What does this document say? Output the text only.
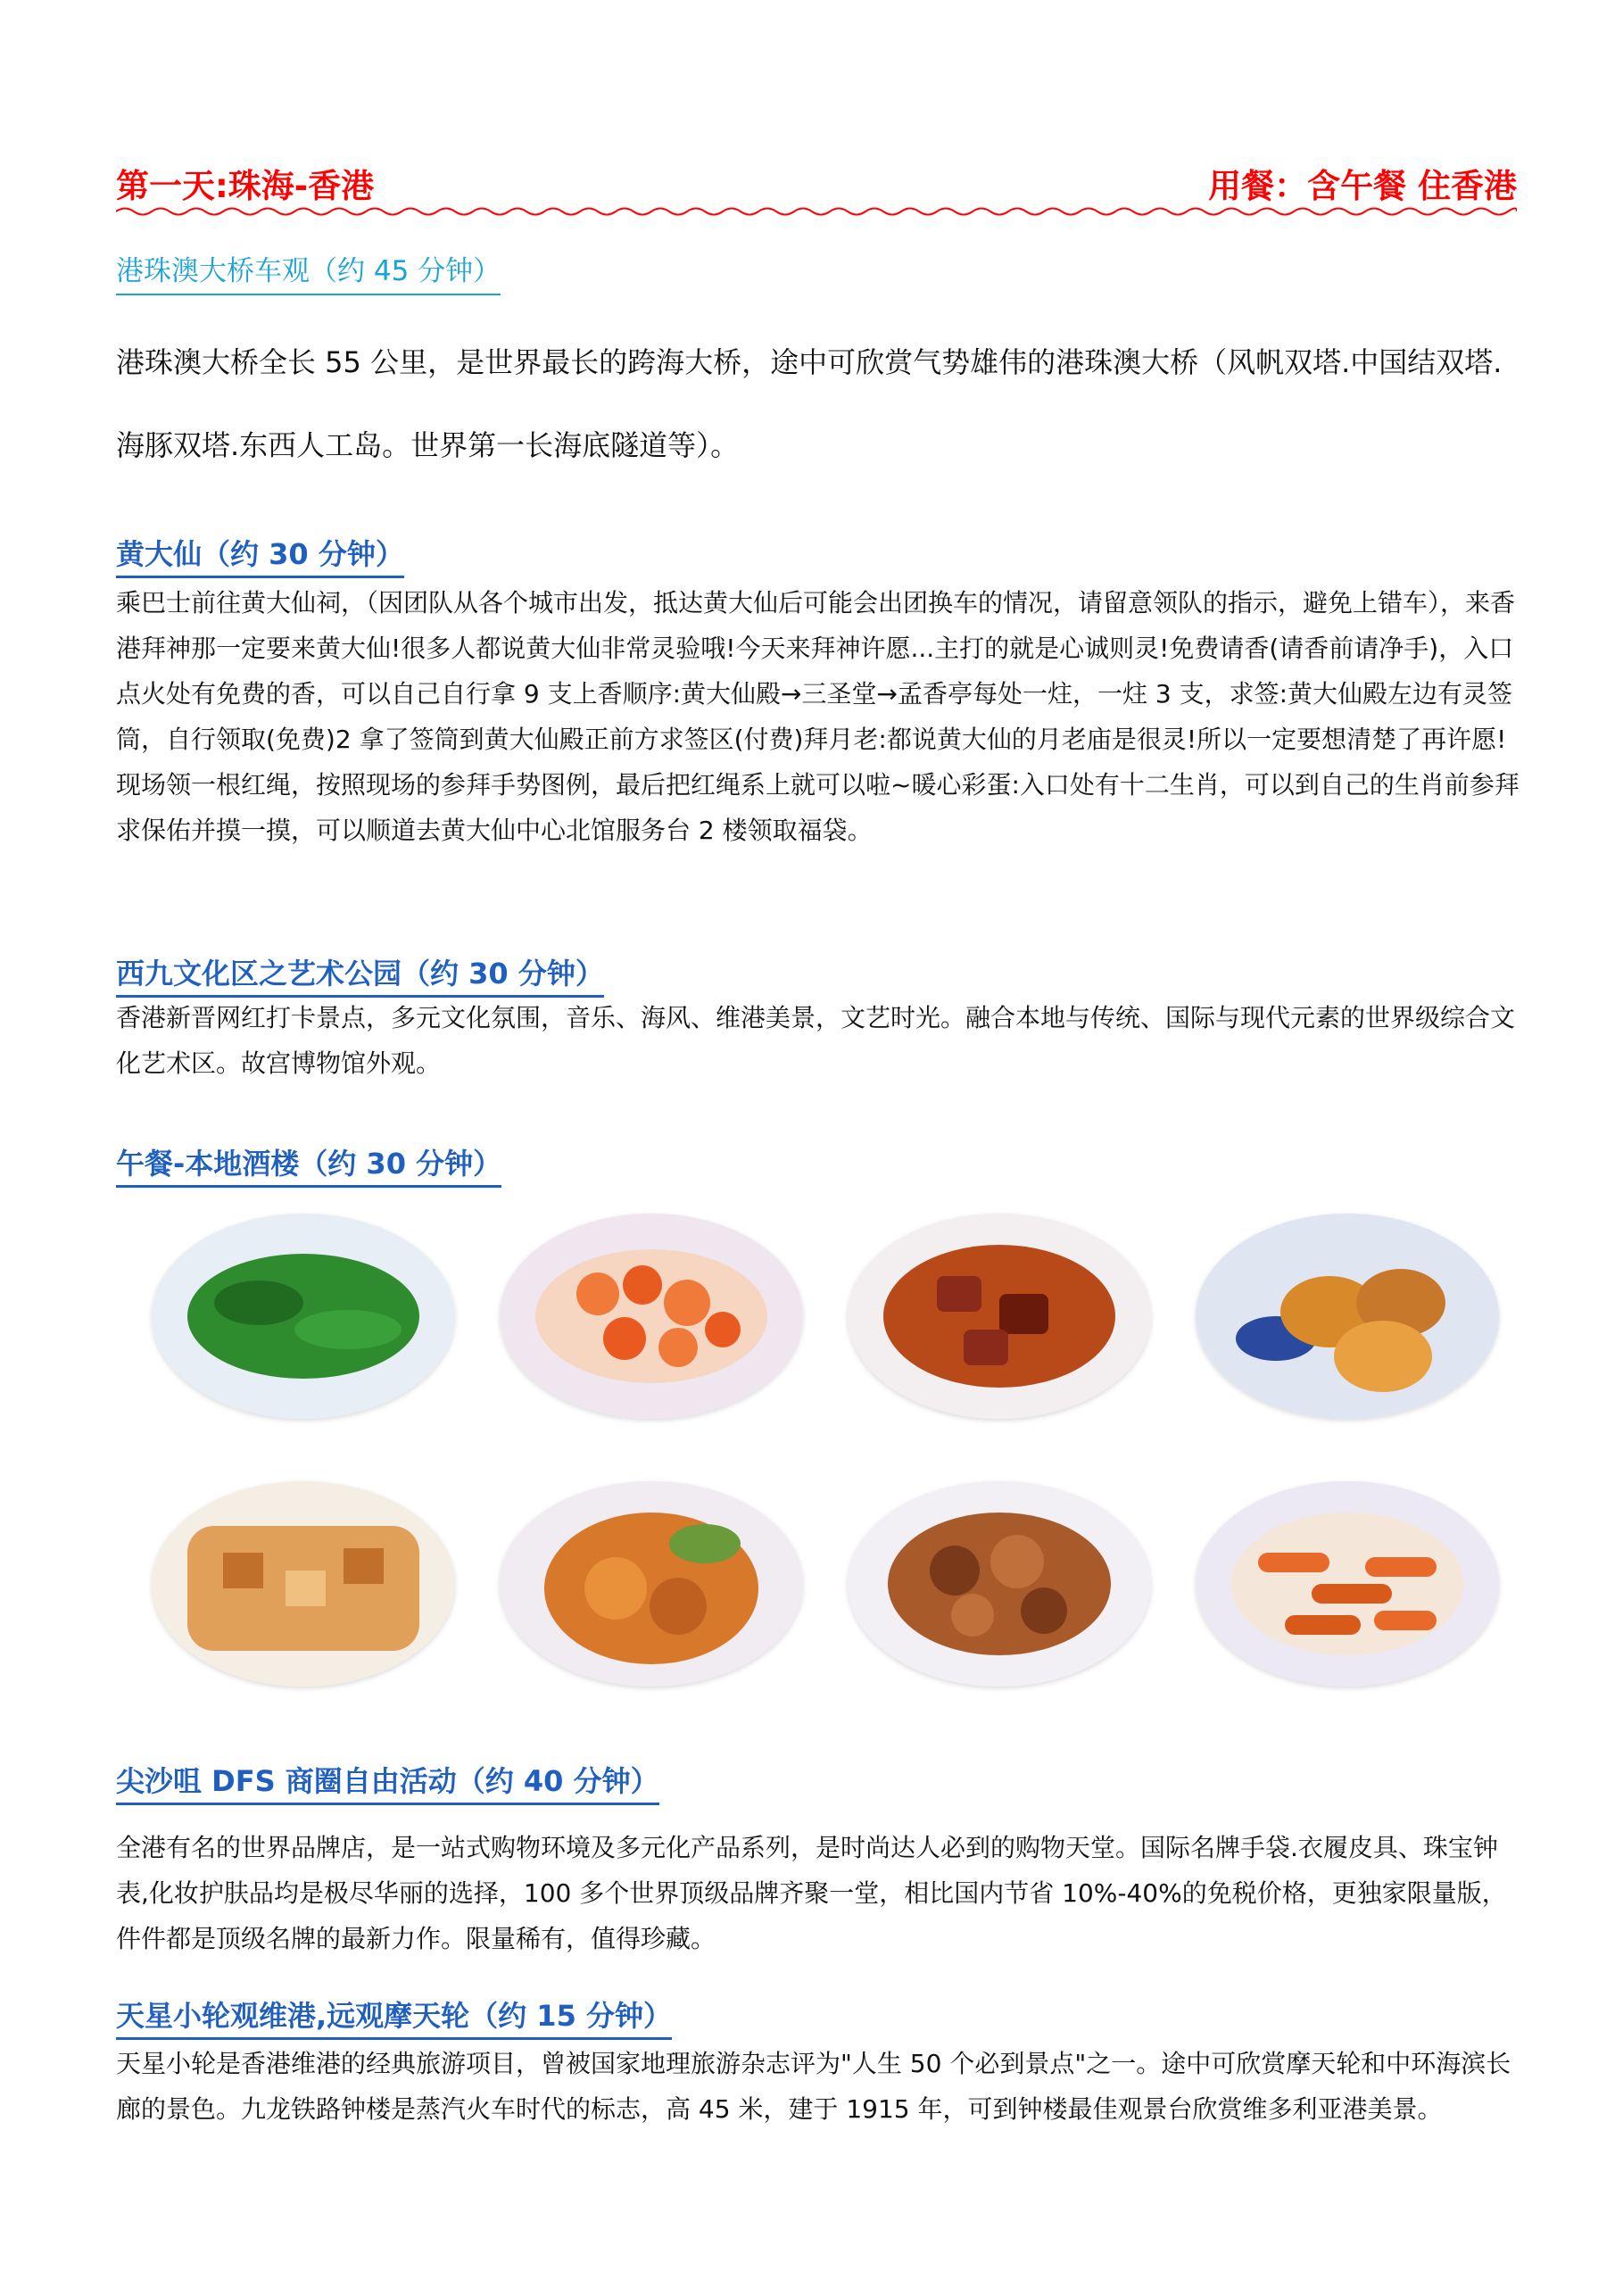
第一天:珠海-香港	用餐：含午餐 住香港
港珠澳大桥车观（约 45 分钟）
港珠澳大桥全长 55 公里，是世界最长的跨海大桥，途中可欣赏气势雄伟的港珠澳大桥（风帆双塔.中国结双塔.海豚双塔.东西人工岛。世界第一长海底隧道等）。
黄大仙（约 30 分钟）
乘巴士前往黄大仙祠，（因团队从各个城市出发，抵达黄大仙后可能会出团换车的情况，请留意领队的指示，避免上错车），来香港拜神那一定要来黄大仙!很多人都说黄大仙非常灵验哦!今天来拜神许愿...主打的就是心诚则灵!免费请香(请香前请净手)，入口点火处有免费的香，可以自己自行拿 9 支上香顺序:黄大仙殿→三圣堂→孟香亭每处一炷，一炷 3 支，求签:黄大仙殿左边有灵签筒，自行领取(免费)2 拿了签筒到黄大仙殿正前方求签区(付费)拜月老:都说黄大仙的月老庙是很灵!所以一定要想清楚了再许愿!现场领一根红绳，按照现场的参拜手势图例，最后把红绳系上就可以啦~暖心彩蛋:入口处有十二生肖，可以到自己的生肖前参拜求保佑并摸一摸，可以顺道去黄大仙中心北馆服务台 2 楼领取福袋。
西九文化区之艺术公园（约 30 分钟）
香港新晋网红打卡景点，多元文化氛围，音乐、海风、维港美景，文艺时光。融合本地与传统、国际与现代元素的世界级综合文化艺术区。故宫博物馆外观。
午餐-本地酒楼（约 30 分钟）
尖沙咀 DFS 商圈自由活动（约 40 分钟）
全港有名的世界品牌店，是一站式购物环境及多元化产品系列，是时尚达人必到的购物天堂。国际名牌手袋.衣履皮具、珠宝钟表,化妆护肤品均是极尽华丽的选择，100 多个世界顶级品牌齐聚一堂，相比国内节省 10%-40%的免税价格，更独家限量版，件件都是顶级名牌的最新力作。限量稀有，值得珍藏。
天星小轮观维港,远观摩天轮（约 15 分钟）
天星小轮是香港维港的经典旅游项目，曾被国家地理旅游杂志评为"人生 50 个必到景点"之一。途中可欣赏摩天轮和中环海滨长廊的景色。九龙铁路钟楼是蒸汽火车时代的标志，高 45 米，建于 1915 年，可到钟楼最佳观景台欣赏维多利亚港美景。
